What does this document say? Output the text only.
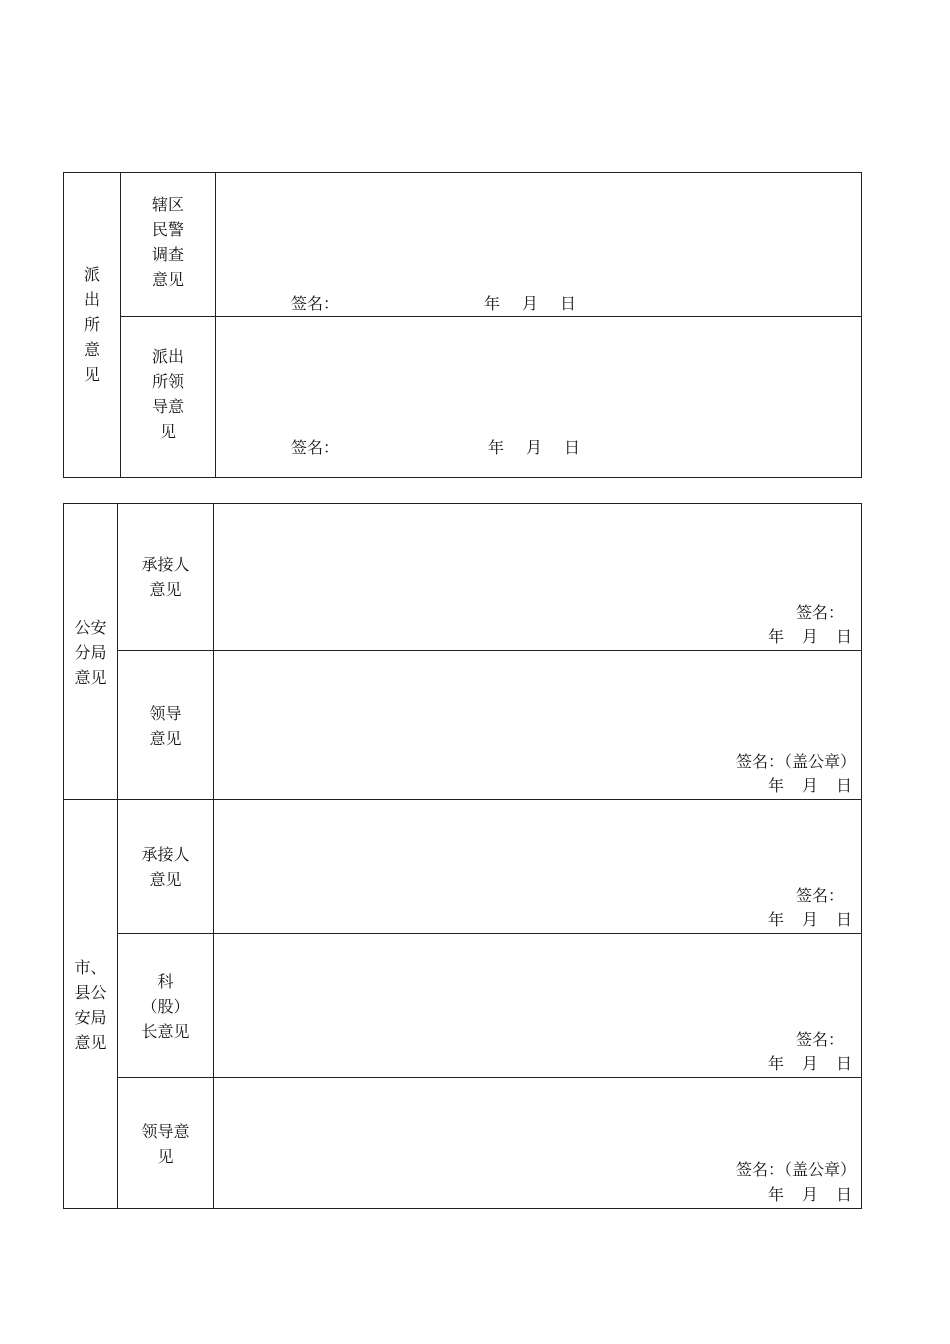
派
出
所
意
见
辖区
民警
调查
意见
签名：	年 月 日
派出
所领
导意
见
签名：	年 月 日
公安
分局
意见
承接人
意见
签名：
年 月 日
领导
意见
签名：（盖公章）
年 月 日
市、
县公
安局
意见
承接人
意见
签名：
年 月 日
科
（股）
长意见	签名：
年 月 日
领导意
见
签名：（盖公章）
年 月 日
